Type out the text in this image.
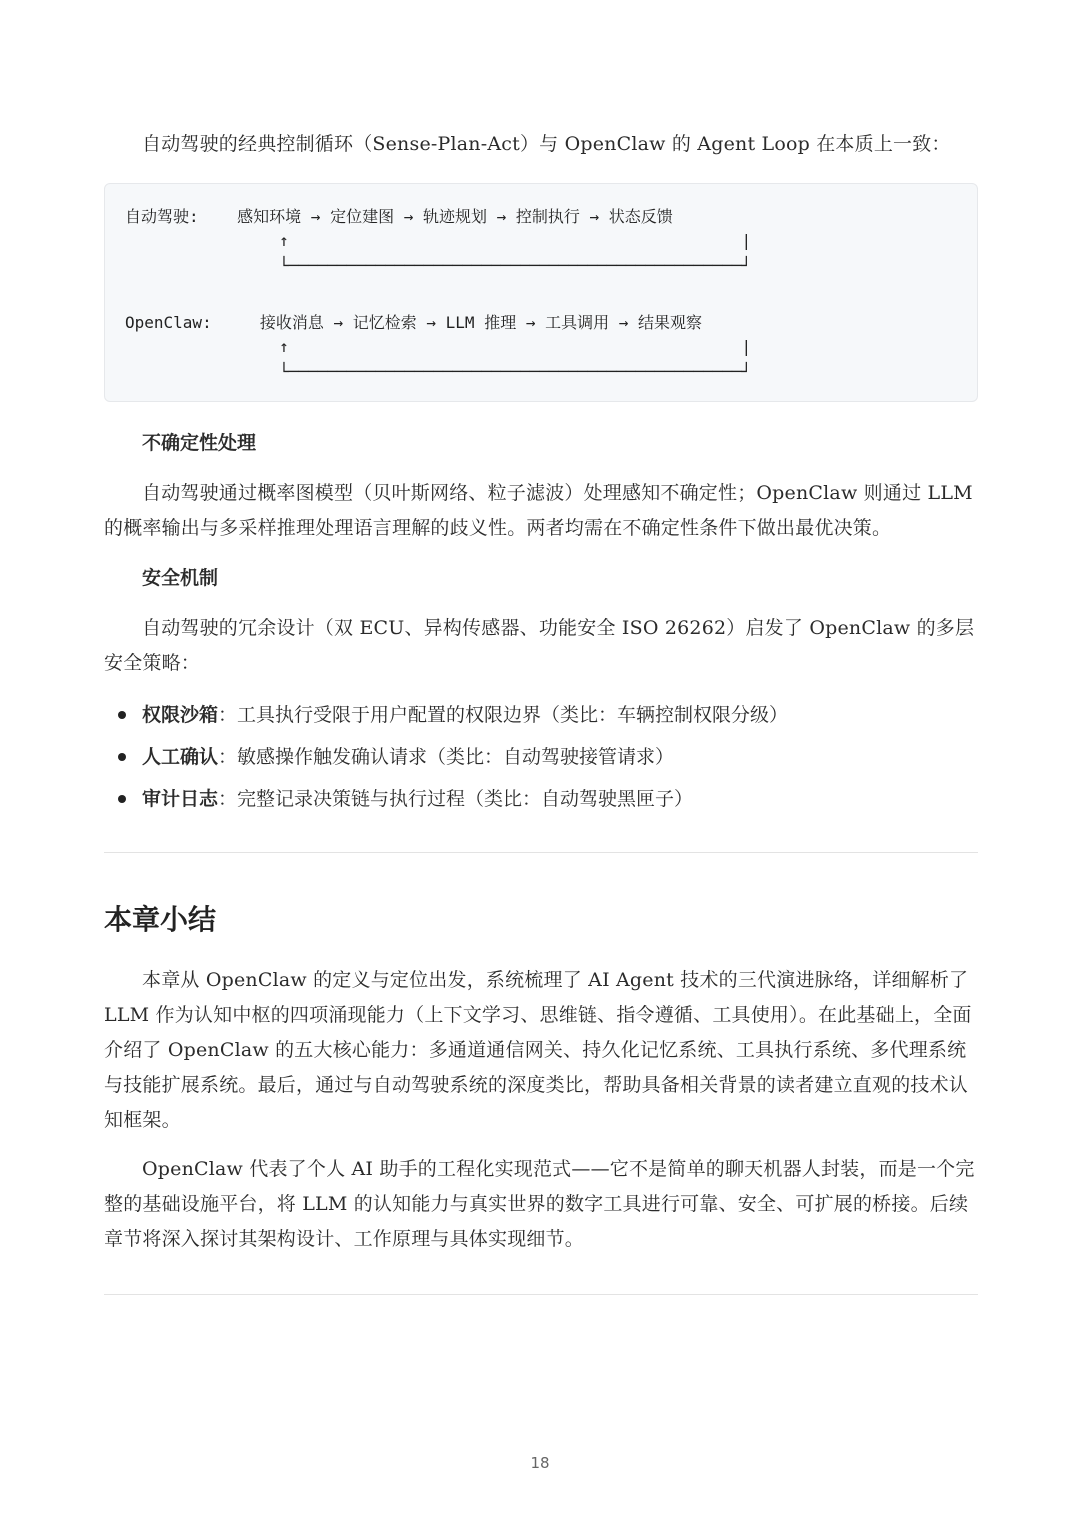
自动驾驶的经典控制循环（Sense-Plan-Act）与 OpenClaw 的 Agent Loop 在本质上一致：

自动驾驶:    感知环境 → 定位建图 → 轨迹规划 → 控制执行 → 状态反馈
↑                                               |
└───────────────────────────────────────────────┘
OpenClaw:     接收消息 → 记忆检索 → LLM 推理 → 工具调用 → 结果观察
↑                                               |
└───────────────────────────────────────────────┘
不确定性处理

自动驾驶通过概率图模型（贝叶斯网络、粒子滤波）处理感知不确定性；OpenClaw 则通过 LLM 的概率输出与多采样推理处理语言理解的歧义性。两者均需在不确定性条件下做出最优决策。

安全机制

自动驾驶的冗余设计（双 ECU、异构传感器、功能安全 ISO 26262）启发了 OpenClaw 的多层安全策略：

权限沙箱：工具执行受限于用户配置的权限边界（类比：车辆控制权限分级）
人工确认：敏感操作触发确认请求（类比：自动驾驶接管请求）
审计日志：完整记录决策链与执行过程（类比：自动驾驶黑匣子）
本章小结

本章从 OpenClaw 的定义与定位出发，系统梳理了 AI Agent 技术的三代演进脉络，详细解析了 LLM 作为认知中枢的四项涌现能力（上下文学习、思维链、指令遵循、工具使用）。在此基础上，全面介绍了 OpenClaw 的五大核心能力：多通道通信网关、持久化记忆系统、工具执行系统、多代理系统与技能扩展系统。最后，通过与自动驾驶系统的深度类比，帮助具备相关背景的读者建立直观的技术认知框架。

OpenClaw 代表了个人 AI 助手的工程化实现范式——它不是简单的聊天机器人封装，而是一个完整的基础设施平台，将 LLM 的认知能力与真实世界的数字工具进行可靠、安全、可扩展的桥接。后续章节将深入探讨其架构设计、工作原理与具体实现细节。

18
